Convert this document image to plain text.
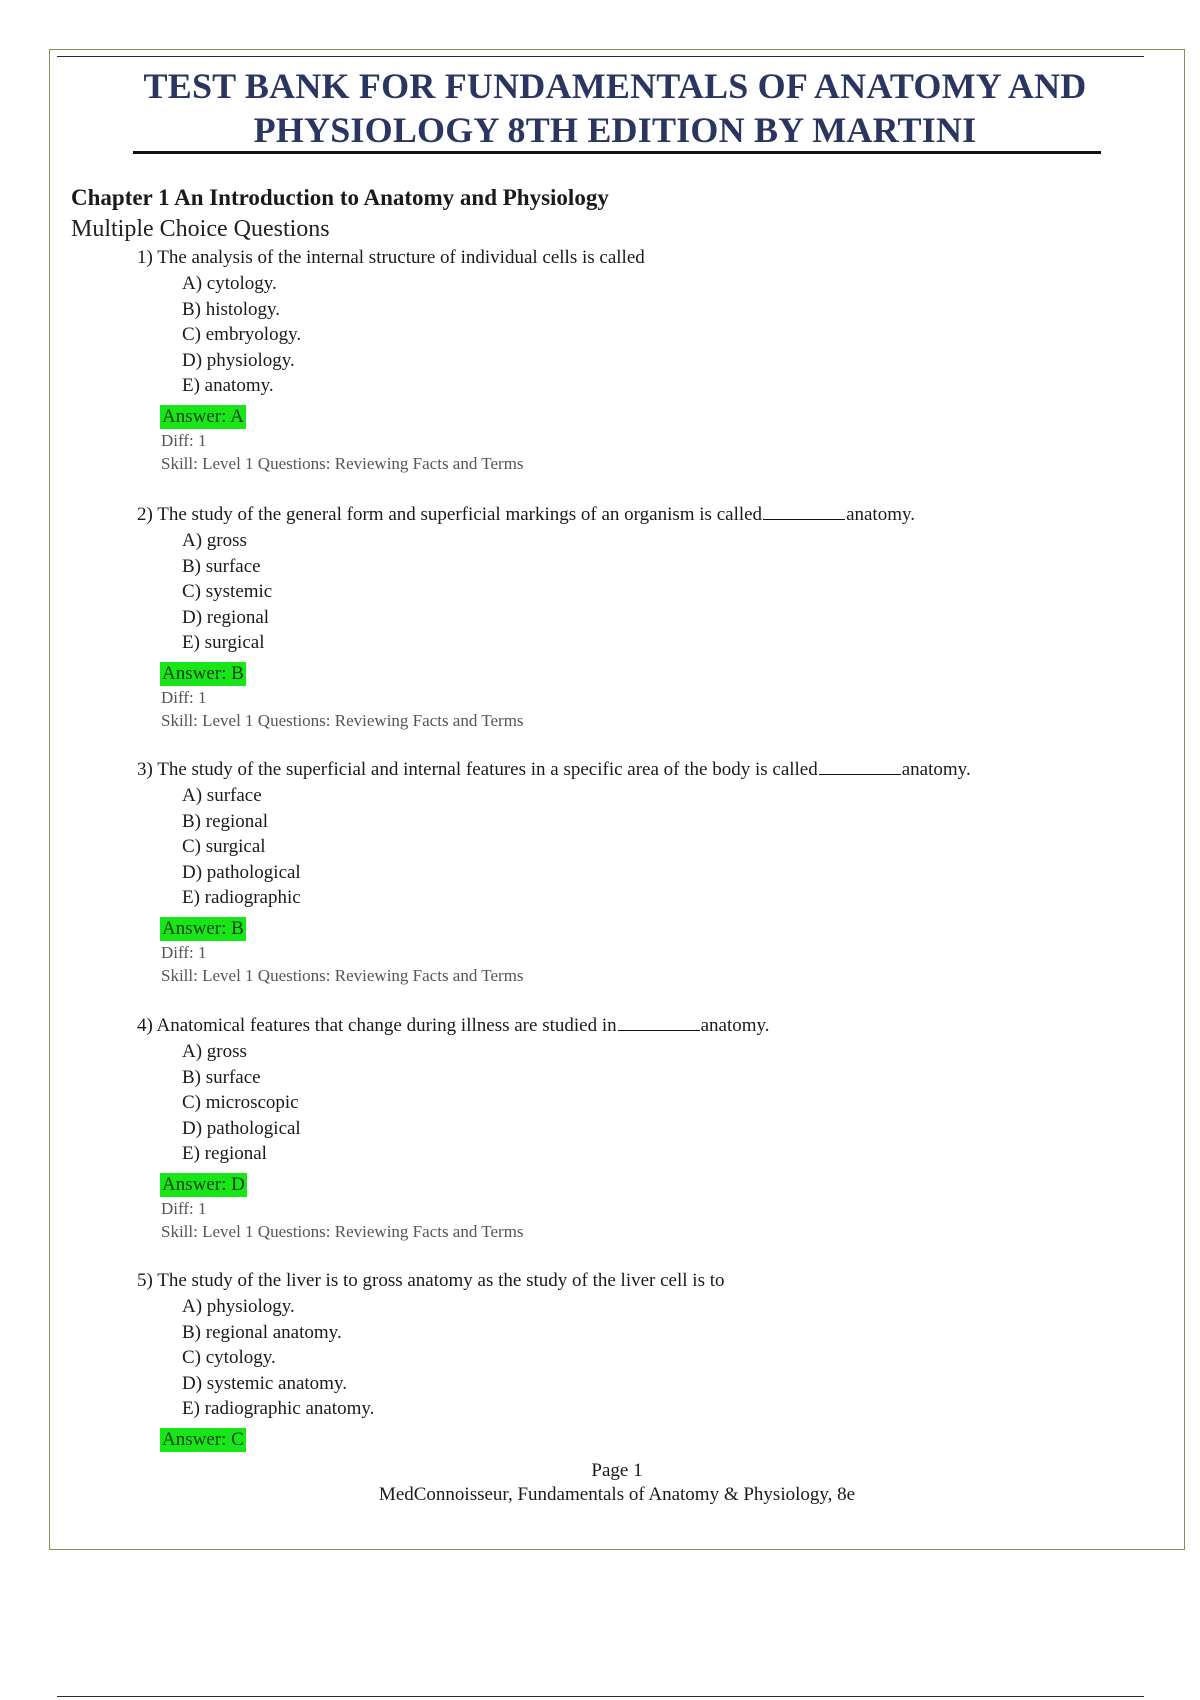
TEST BANK FOR FUNDAMENTALS OF ANATOMY AND
PHYSIOLOGY 8TH EDITION BY MARTINI
Chapter 1 An Introduction to Anatomy and Physiology
Multiple Choice Questions
1) The analysis of the internal structure of individual cells is called
A) cytology.
B) histology.
C) embryology.
D) physiology.
E) anatomy.
Answer: A
Diff: 1
Skill: Level 1 Questions: Reviewing Facts and Terms
2) The study of the general form and superficial markings of an organism is called	anatomy.
A) gross
B) surface
C) systemic
D) regional
E) surgical
Answer: B
Diff: 1
Skill: Level 1 Questions: Reviewing Facts and Terms
3) The study of the superficial and internal features in a specific area of the body is called	anatomy.
A) surface
B) regional
C) surgical
D) pathological
E) radiographic
Answer: B
Diff: 1
Skill: Level 1 Questions: Reviewing Facts and Terms
4) Anatomical features that change during illness are studied in	anatomy.
A) gross
B) surface
C) microscopic
D) pathological
E) regional
Answer: D
Diff: 1
Skill: Level 1 Questions: Reviewing Facts and Terms
5) The study of the liver is to gross anatomy as the study of the liver cell is to
A) physiology.
B) regional anatomy.
C) cytology.
D) systemic anatomy.
E) radiographic anatomy.
Answer: C
Page 1
MedConnoisseur, Fundamentals of Anatomy & Physiology, 8e
